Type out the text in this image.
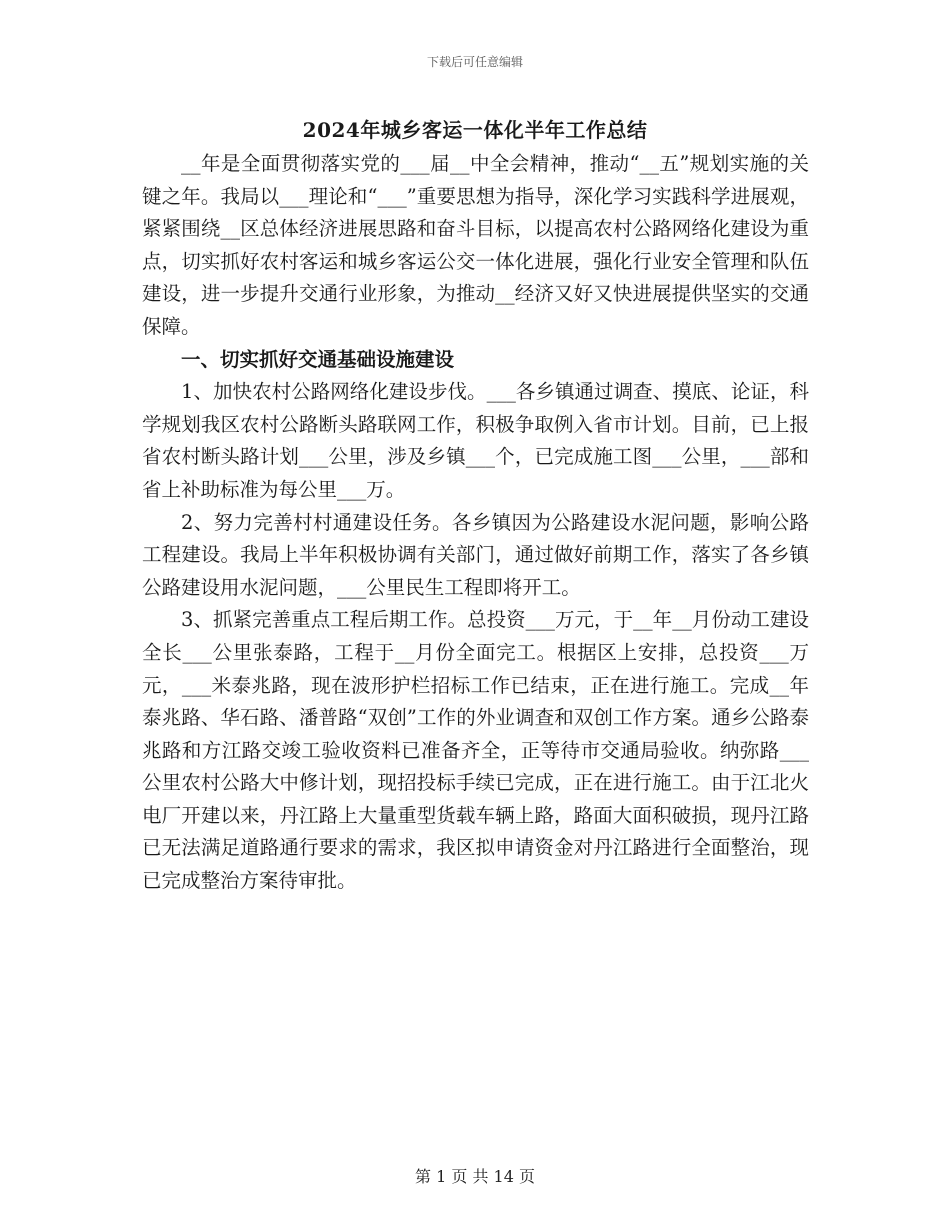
下载后可任意编辑
2024年城乡客运一体化半年工作总结

__年是全面贯彻落实党的___届__中全会精神，推动“__五”规划实施的关键之年。我局以___理论和“___”重要思想为指导，深化学习实践科学进展观，紧紧围绕__区总体经济进展思路和奋斗目标，以提高农村公路网络化建设为重点，切实抓好农村客运和城乡客运公交一体化进展，强化行业安全管理和队伍建设，进一步提升交通行业形象，为推动__经济又好又快进展提供坚实的交通保障。

一、切实抓好交通基础设施建设

1、加快农村公路网络化建设步伐。___各乡镇通过调查、摸底、论证，科学规划我区农村公路断头路联网工作，积极争取例入省市计划。目前，已上报省农村断头路计划___公里，涉及乡镇___个，已完成施工图___公里，___部和省上补助标准为每公里___万。

2、努力完善村村通建设任务。各乡镇因为公路建设水泥问题，影响公路工程建设。我局上半年积极协调有关部门，通过做好前期工作，落实了各乡镇公路建设用水泥问题，___公里民生工程即将开工。

3、抓紧完善重点工程后期工作。总投资___万元，于__年__月份动工建设全长___公里张泰路，工程于__月份全面完工。根据区上安排，总投资___万元，___米泰兆路，现在波形护栏招标工作已结束，正在进行施工。完成__年泰兆路、华石路、潘普路“双创”工作的外业调查和双创工作方案。通乡公路泰兆路和方江路交竣工验收资料已准备齐全，正等待市交通局验收。纳弥路___公里农村公路大中修计划，现招投标手续已完成，正在进行施工。由于江北火电厂开建以来，丹江路上大量重型货载车辆上路，路面大面积破损，现丹江路已无法满足道路通行要求的需求，我区拟申请资金对丹江路进行全面整治，现已完成整治方案待审批。

第 1 页 共 14 页
